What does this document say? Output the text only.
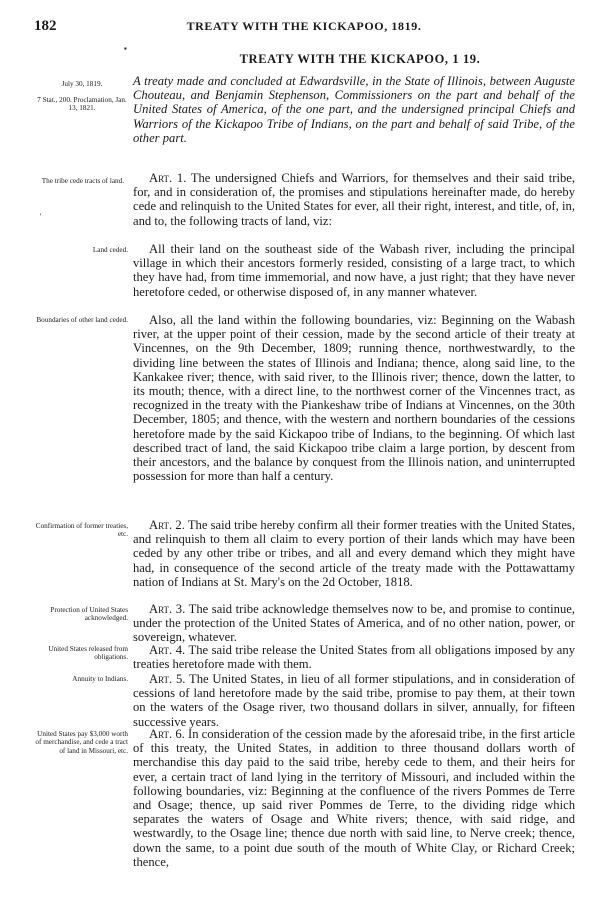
182	TREATY WITH THE KICKAPOO, 1819.
▪
TREATY WITH THE KICKAPOO, 1 19.
July 30, 1819.
7 Stat., 200. Proclamation, Jan. 13, 1821.
A treaty made and concluded at Edwardsville, in the State of Illinois, between Auguste Chouteau, and Benjamin Stephenson, Commissioners on the part and behalf of the United States of America, of the one part, and the undersigned principal Chiefs and Warriors of the Kickapoo Tribe of Indians, on the part and behalf of said Tribe, of the other part.
The tribe cede tracts of land.	Art. 1. The undersigned Chiefs and Warriors, for themselves and their said tribe, for, and in consideration of, the promises and stipulations hereinafter made, do hereby cede and relinquish to the United States for ever, all their right, interest, and title, of, in, and to, the following tracts of land, viz:
'
Land ceded.	All their land on the southeast side of the Wabash river, including the principal village in which their ancestors formerly resided, consisting of a large tract, to which they have had, from time immemorial, and now have, a just right; that they have never heretofore ceded, or otherwise disposed of, in any manner whatever.
Boundaries of other land ceded.	Also, all the land within the following boundaries, viz: Beginning on the Wabash river, at the upper point of their cession, made by the second article of their treaty at Vincennes, on the 9th December, 1809; running thence, northwestwardly, to the dividing line between the states of Illinois and Indiana; thence, along said line, to the Kankakee river; thence, with said river, to the Illinois river; thence, down the latter, to its mouth; thence, with a direct line, to the northwest corner of the Vincennes tract, as recognized in the treaty with the Piankeshaw tribe of Indians at Vincennes, on the 30th December, 1805; and thence, with the western and northern boundaries of the cessions heretofore made by the said Kickapoo tribe of Indians, to the beginning. Of which last described tract of land, the said Kickapoo tribe claim a large portion, by descent from their ancestors, and the balance by conquest from the Illinois nation, and uninterrupted possession for more than half a century.
Confirmation of former treaties, etc.
Art. 2. The said tribe hereby confirm all their former treaties with the United States, and relinquish to them all claim to every portion of their lands which may have been ceded by any other tribe or tribes, and all and every demand which they might have had, in consequence of the second article of the treaty made with the Pottawattamy nation of Indians at St. Mary's on the 2d October, 1818.
Protection of United States acknowledged.
Art. 3. The said tribe acknowledge themselves now to be, and promise to continue, under the protection of the United States of America, and of no other nation, power, or sovereign, whatever.
United States released from obligations.
Art. 4. The said tribe release the United States from all obligations imposed by any treaties heretofore made with them.
Annuity to Indians.	Art. 5. The United States, in lieu of all former stipulations, and in consideration of cessions of land heretofore made by the said tribe, promise to pay them, at their town on the waters of the Osage river, two thousand dollars in silver, annually, for fifteen successive years.
United States pay $3,000 worth of merchandise, and cede a tract of land in Missouri, etc.
Art. 6. In consideration of the cession made by the aforesaid tribe, in the first article of this treaty, the United States, in addition to three thousand dollars worth of merchandise this day paid to the said tribe, hereby cede to them, and their heirs for ever, a certain tract of land lying in the territory of Missouri, and included within the following boundaries, viz: Beginning at the confluence of the rivers Pommes de Terre and Osage; thence, up said river Pommes de Terre, to the dividing ridge which separates the waters of Osage and White rivers; thence, with said ridge, and westwardly, to the Osage line; thence due north with said line, to Nerve creek; thence, down the same, to a point due south of the mouth of White Clay, or Richard Creek; thence,
